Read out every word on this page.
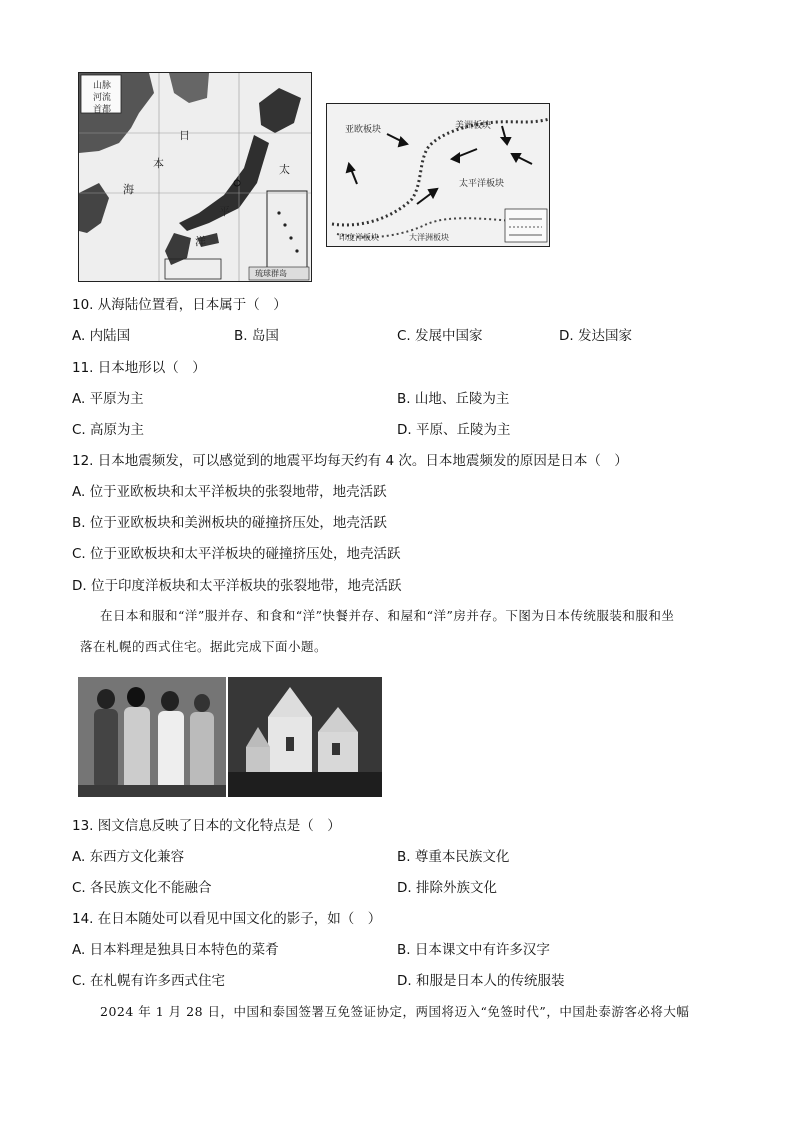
山脉
河流
首都
日
本
海
太
平
洋
琉球群岛
亚欧板块	美洲板块
太平洋板块
印度洋板块	大洋洲板块
10. 从海陆位置看，日本属于（　）
A. 内陆国	B. 岛国	C. 发展中国家	D. 发达国家
11. 日本地形以（　）
A. 平原为主	B. 山地、丘陵为主
C. 高原为主	D. 平原、丘陵为主
12. 日本地震频发，可以感觉到的地震平均每天约有 4 次。日本地震频发的原因是日本（　）
A. 位于亚欧板块和太平洋板块的张裂地带，地壳活跃
B. 位于亚欧板块和美洲板块的碰撞挤压处，地壳活跃
C. 位于亚欧板块和太平洋板块的碰撞挤压处，地壳活跃
D. 位于印度洋板块和太平洋板块的张裂地带，地壳活跃
在日本和服和“洋”服并存、和食和“洋”快餐并存、和屋和“洋”房并存。下图为日本传统服装和服和坐
落在札幌的西式住宅。据此完成下面小题。
13. 图文信息反映了日本的文化特点是（　）
A. 东西方文化兼容	B. 尊重本民族文化
C. 各民族文化不能融合	D. 排除外族文化
14. 在日本随处可以看见中国文化的影子，如（　）
A. 日本料理是独具日本特色的菜肴	B. 日本课文中有许多汉字
C. 在札幌有许多西式住宅	D. 和服是日本人的传统服装
2024 年 1 月 28 日，中国和泰国签署互免签证协定，两国将迈入“免签时代”，中国赴泰游客必将大幅
